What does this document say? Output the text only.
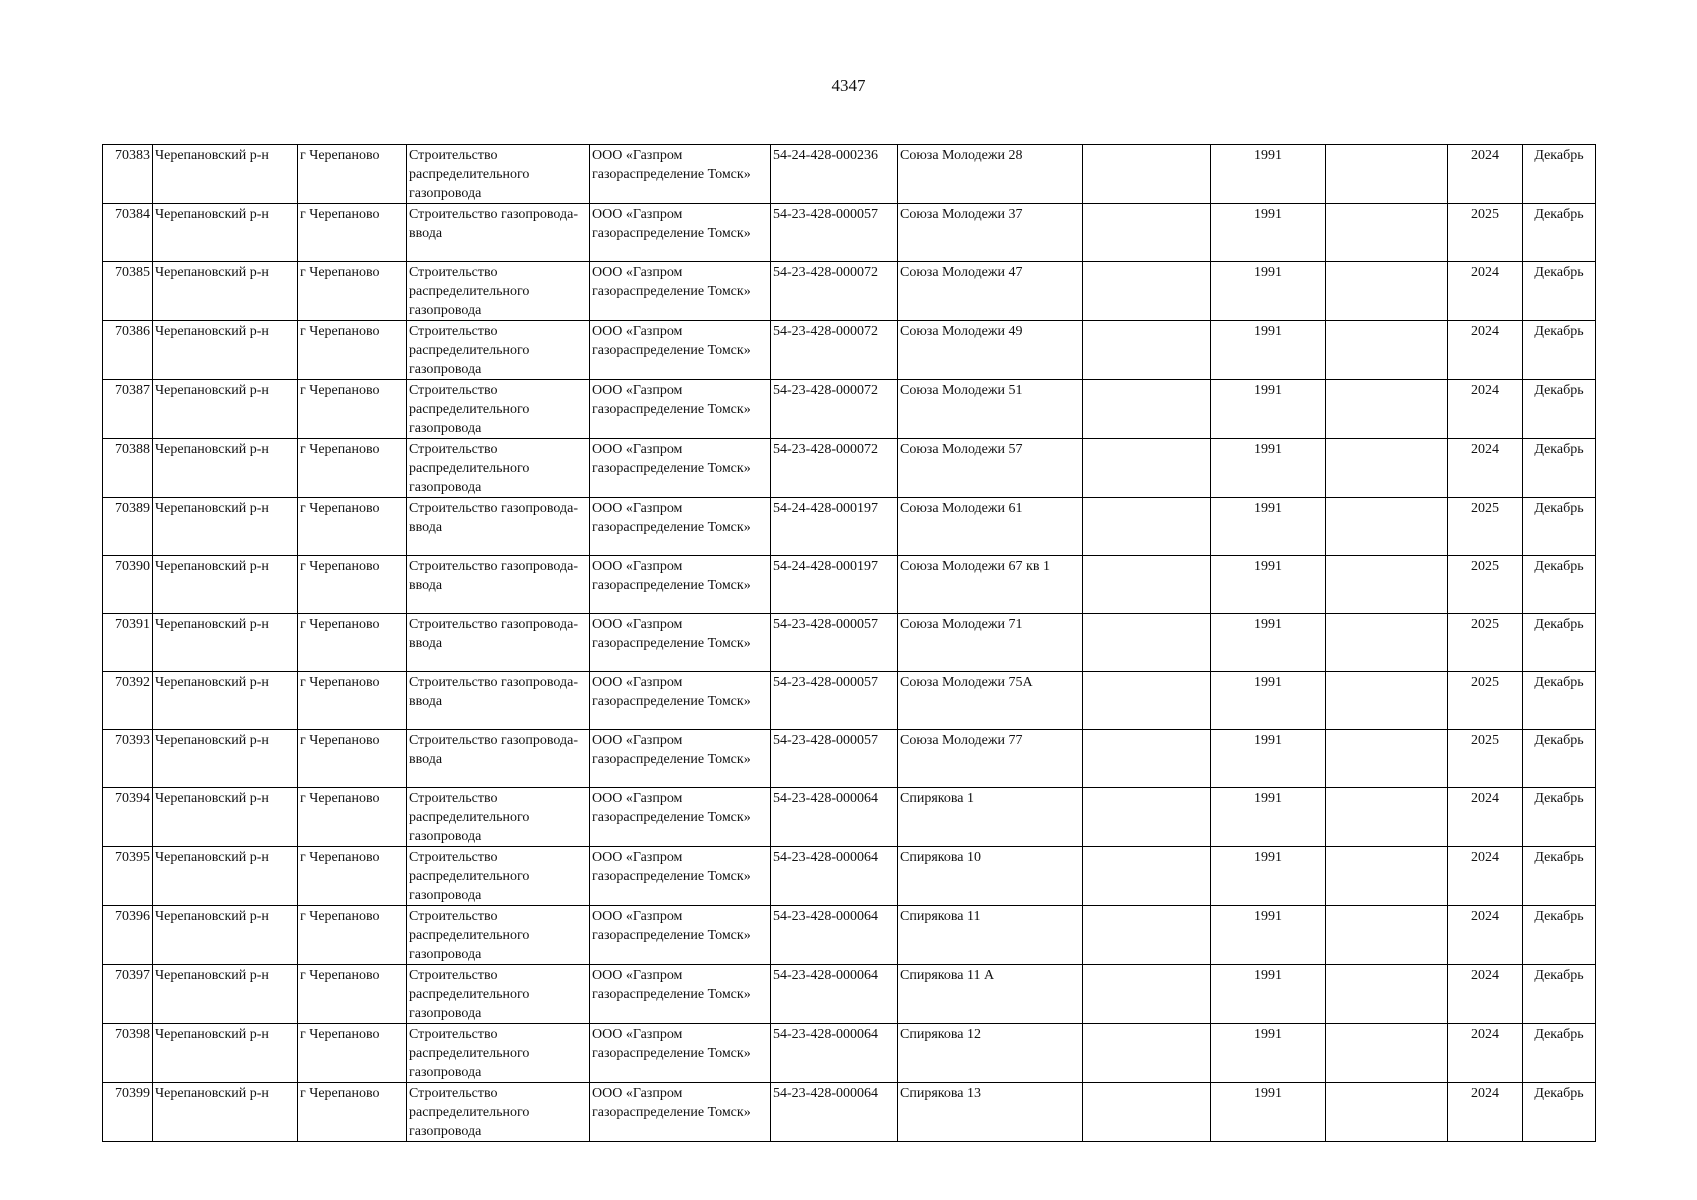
4347
70383	Черепановский р-н	г Черепаново	Строительство распределительного газопровода	ООО «Газпром газораспределение Томск»	54-24-428-000236	Союза Молодежи 28		1991		2024	Декабрь
70384	Черепановский р-н	г Черепаново	Строительство газопровода-ввода	ООО «Газпром газораспределение Томск»	54-23-428-000057	Союза Молодежи 37		1991		2025	Декабрь
70385	Черепановский р-н	г Черепаново	Строительство распределительного газопровода	ООО «Газпром газораспределение Томск»	54-23-428-000072	Союза Молодежи 47		1991		2024	Декабрь
70386	Черепановский р-н	г Черепаново	Строительство распределительного газопровода	ООО «Газпром газораспределение Томск»	54-23-428-000072	Союза Молодежи 49		1991		2024	Декабрь
70387	Черепановский р-н	г Черепаново	Строительство распределительного газопровода	ООО «Газпром газораспределение Томск»	54-23-428-000072	Союза Молодежи 51		1991		2024	Декабрь
70388	Черепановский р-н	г Черепаново	Строительство распределительного газопровода	ООО «Газпром газораспределение Томск»	54-23-428-000072	Союза Молодежи 57		1991		2024	Декабрь
70389	Черепановский р-н	г Черепаново	Строительство газопровода-ввода	ООО «Газпром газораспределение Томск»	54-24-428-000197	Союза Молодежи 61		1991		2025	Декабрь
70390	Черепановский р-н	г Черепаново	Строительство газопровода-ввода	ООО «Газпром газораспределение Томск»	54-24-428-000197	Союза Молодежи 67 кв 1		1991		2025	Декабрь
70391	Черепановский р-н	г Черепаново	Строительство газопровода-ввода	ООО «Газпром газораспределение Томск»	54-23-428-000057	Союза Молодежи 71		1991		2025	Декабрь
70392	Черепановский р-н	г Черепаново	Строительство газопровода-ввода	ООО «Газпром газораспределение Томск»	54-23-428-000057	Союза Молодежи 75А		1991		2025	Декабрь
70393	Черепановский р-н	г Черепаново	Строительство газопровода-ввода	ООО «Газпром газораспределение Томск»	54-23-428-000057	Союза Молодежи 77		1991		2025	Декабрь
70394	Черепановский р-н	г Черепаново	Строительство распределительного газопровода	ООО «Газпром газораспределение Томск»	54-23-428-000064	Спирякова 1		1991		2024	Декабрь
70395	Черепановский р-н	г Черепаново	Строительство распределительного газопровода	ООО «Газпром газораспределение Томск»	54-23-428-000064	Спирякова 10		1991		2024	Декабрь
70396	Черепановский р-н	г Черепаново	Строительство распределительного газопровода	ООО «Газпром газораспределение Томск»	54-23-428-000064	Спирякова 11		1991		2024	Декабрь
70397	Черепановский р-н	г Черепаново	Строительство распределительного газопровода	ООО «Газпром газораспределение Томск»	54-23-428-000064	Спирякова 11 А		1991		2024	Декабрь
70398	Черепановский р-н	г Черепаново	Строительство распределительного газопровода	ООО «Газпром газораспределение Томск»	54-23-428-000064	Спирякова 12		1991		2024	Декабрь
70399	Черепановский р-н	г Черепаново	Строительство распределительного газопровода	ООО «Газпром газораспределение Томск»	54-23-428-000064	Спирякова 13		1991		2024	Декабрь
